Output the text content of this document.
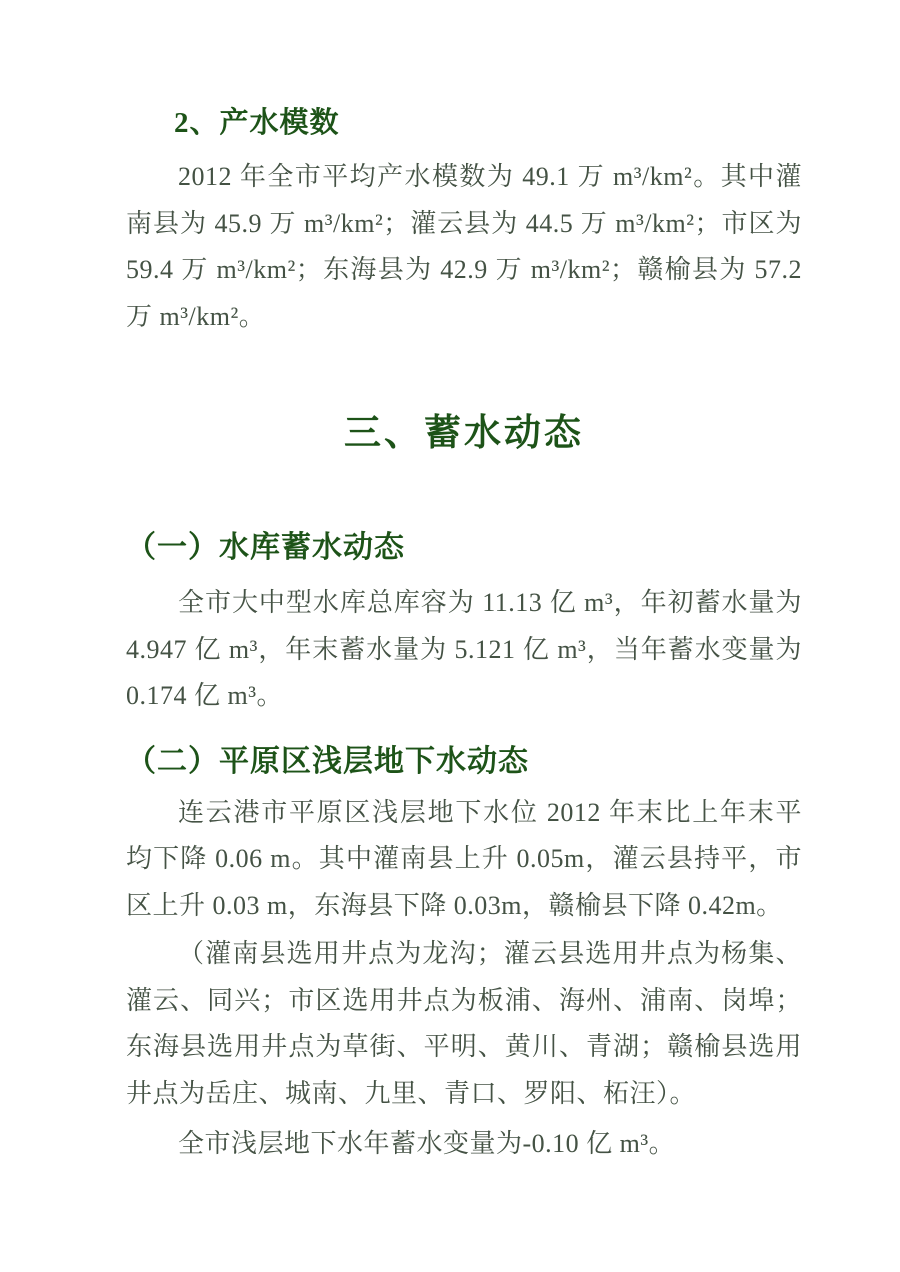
2、产水模数

2012 年全市平均产水模数为 49.1 万 m³/km²。其中灌南县为 45.9 万 m³/km²；灌云县为 44.5 万 m³/km²；市区为 59.4 万 m³/km²；东海县为 42.9 万 m³/km²；赣榆县为 57.2 万 m³/km²。

三、蓄水动态
（一）水库蓄水动态

全市大中型水库总库容为 11.13 亿 m³，年初蓄水量为 4.947 亿 m³，年末蓄水量为 5.121 亿 m³，当年蓄水变量为 0.174 亿 m³。

（二）平原区浅层地下水动态

连云港市平原区浅层地下水位 2012 年末比上年末平均下降 0.06 m。其中灌南县上升 0.05m，灌云县持平，市区上升 0.03 m，东海县下降 0.03m，赣榆县下降 0.42m。

（灌南县选用井点为龙沟；灌云县选用井点为杨集、灌云、同兴；市区选用井点为板浦、海州、浦南、岗埠；东海县选用井点为草街、平明、黄川、青湖；赣榆县选用井点为岳庄、城南、九里、青口、罗阳、柘汪）。

全市浅层地下水年蓄水变量为-0.10 亿 m³。
